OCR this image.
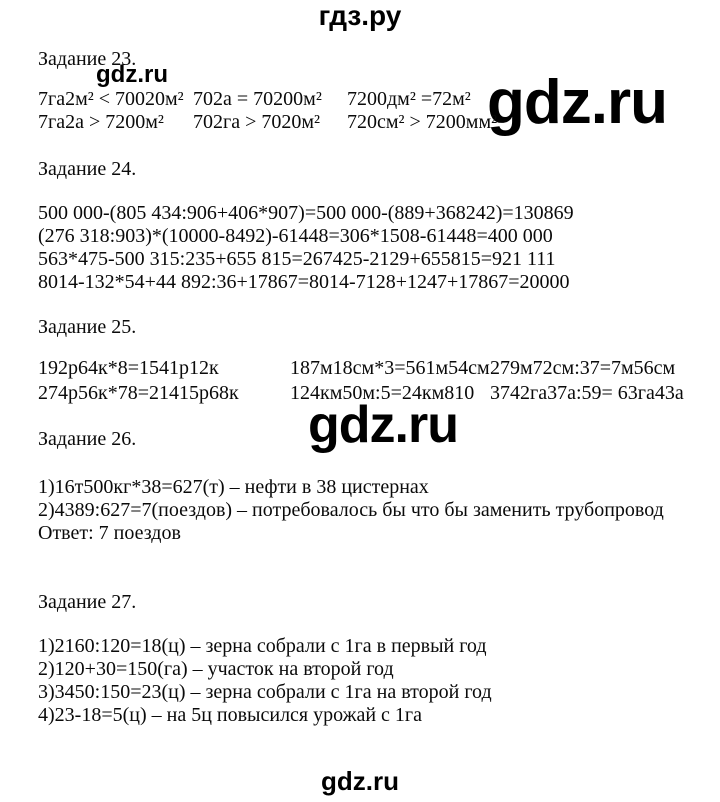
гдз.ру
gdz.ru	gdz.ru
gdz.ru
gdz.ru
Задание 23.
7га2м² < 70020м² 702а = 70200м² 7200дм² =72м²
7га2а > 7200м² 702га > 7020м² 720см² > 7200мм²
Задание 24.
500 000-(805 434:906+406*907)=500 000-(889+368242)=130869
(276 318:903)*(10000-8492)-61448=306*1508-61448=400 000
563*475-500 315:235+655 815=267425-2129+655815=921 111
8014-132*54+44 892:36+17867=8014-7128+1247+17867=20000
Задание 25.
192р64к*8=1541р12к	187м18см*3=561м54см 279м72см:37=7м56см
274р56к*78=21415р68к	124км50м:5=24км810 3742га37а:59= 63га43а
Задание 26.
1)16т500кг*38=627(т) – нефти в 38 цистернах
2)4389:627=7(поездов) – потребовалось бы что бы заменить трубопровод
Ответ: 7 поездов
Задание 27.
1)2160:120=18(ц) – зерна собрали с 1га в первый год
2)120+30=150(га) – участок на второй год
3)3450:150=23(ц) – зерна собрали с 1га на второй год
4)23-18=5(ц) – на 5ц повысился урожай с 1га
